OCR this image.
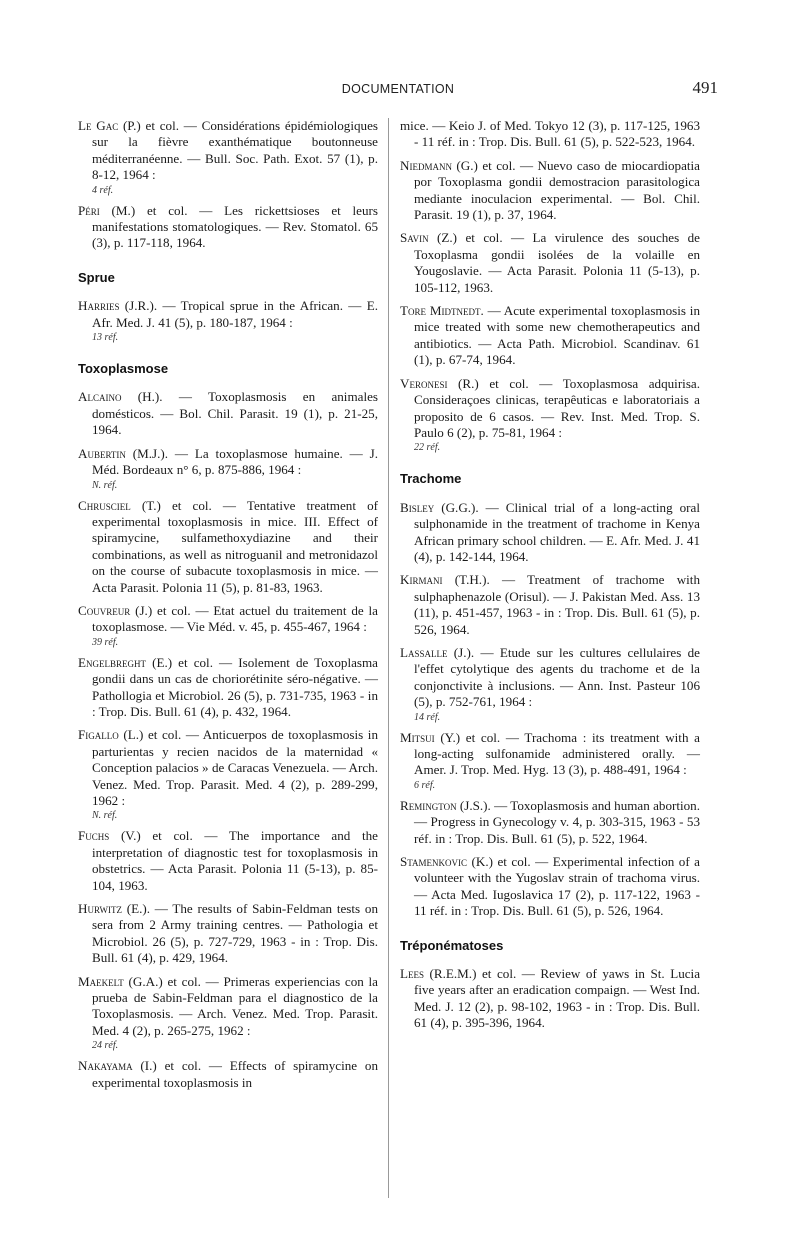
DOCUMENTATION	491

Le Gac (P.) et col. — Considérations épidémiologiques sur la fièvre exanthématique boutonneuse méditerranéenne. — Bull. Soc. Path. Exot. 57 (1), p. 8-12, 1964 :
4 réf.

Péri (M.) et col. — Les rickettsioses et leurs manifestations stomatologiques. — Rev. Stomatol. 65 (3), p. 117-118, 1964.

Sprue

Harries (J.R.). — Tropical sprue in the African. — E. Afr. Med. J. 41 (5), p. 180-187, 1964 :
13 réf.

Toxoplasmose

Alcaino (H.). — Toxoplasmosis en animales domésticos. — Bol. Chil. Parasit. 19 (1), p. 21-25, 1964.

Aubertin (M.J.). — La toxoplasmose humaine. — J. Méd. Bordeaux n° 6, p. 875-886, 1964 :
N. réf.

Chrusciel (T.) et col. — Tentative treatment of experimental toxoplasmosis in mice. III. Effect of spiramycine, sulfamethoxydiazine and their combinations, as well as nitroguanil and metronidazol on the course of subacute toxoplasmosis in mice. — Acta Parasit. Polonia 11 (5), p. 81-83, 1963.

Couvreur (J.) et col. — Etat actuel du traitement de la toxoplasmose. — Vie Méd. v. 45, p. 455-467, 1964 :
39 réf.

Engelbreght (E.) et col. — Isolement de Toxoplasma gondii dans un cas de choriorétinite séro-négative. — Pathollogia et Microbiol. 26 (5), p. 731-735, 1963 - in : Trop. Dis. Bull. 61 (4), p. 432, 1964.

Figallo (L.) et col. — Anticuerpos de toxoplasmosis in parturientas y recien nacidos de la maternidad « Conception palacios » de Caracas Venezuela. — Arch. Venez. Med. Trop. Parasit. Med. 4 (2), p. 289-299, 1962 :
N. réf.

Fuchs (V.) et col. — The importance and the interpretation of diagnostic test for toxoplasmosis in obstetrics. — Acta Parasit. Polonia 11 (5-13), p. 85-104, 1963.

Hurwitz (E.). — The results of Sabin-Feldman tests on sera from 2 Army training centres. — Pathologia et Microbiol. 26 (5), p. 727-729, 1963 - in : Trop. Dis. Bull. 61 (4), p. 429, 1964.

Maekelt (G.A.) et col. — Primeras experiencias con la prueba de Sabin-Feldman para el diagnostico de la Toxoplasmosis. — Arch. Venez. Med. Trop. Parasit. Med. 4 (2), p. 265-275, 1962 :
24 réf.

Nakayama (I.) et col. — Effects of spiramycine on experimental toxoplasmosis in

mice. — Keio J. of Med. Tokyo 12 (3), p. 117-125, 1963 - 11 réf. in : Trop. Dis. Bull. 61 (5), p. 522-523, 1964.

Niedmann (G.) et col. — Nuevo caso de miocardiopatia por Toxoplasma gondii demostracion parasitologica mediante inoculacion experimental. — Bol. Chil. Parasit. 19 (1), p. 37, 1964.

Savin (Z.) et col. — La virulence des souches de Toxoplasma gondii isolées de la volaille en Yougoslavie. — Acta Parasit. Polonia 11 (5-13), p. 105-112, 1963.

Tore Midtnedt. — Acute experimental toxoplasmosis in mice treated with some new chemotherapeutics and antibiotics. — Acta Path. Microbiol. Scandinav. 61 (1), p. 67-74, 1964.

Veronesi (R.) et col. — Toxoplasmosa adquirisa. Consideraçoes clinicas, terapêuticas e laboratoriais a proposito de 6 casos. — Rev. Inst. Med. Trop. S. Paulo 6 (2), p. 75-81, 1964 :
22 réf.

Trachome

Bisley (G.G.). — Clinical trial of a long-acting oral sulphonamide in the treatment of trachome in Kenya African primary school children. — E. Afr. Med. J. 41 (4), p. 142-144, 1964.

Kirmani (T.H.). — Treatment of trachome with sulphaphenazole (Orisul). — J. Pakistan Med. Ass. 13 (11), p. 451-457, 1963 - in : Trop. Dis. Bull. 61 (5), p. 526, 1964.

Lassalle (J.). — Etude sur les cultures cellulaires de l'effet cytolytique des agents du trachome et de la conjonctivite à inclusions. — Ann. Inst. Pasteur 106 (5), p. 752-761, 1964 :
14 réf.

Mitsui (Y.) et col. — Trachoma : its treatment with a long-acting sulfonamide administered orally. — Amer. J. Trop. Med. Hyg. 13 (3), p. 488-491, 1964 :
6 réf.

Remington (J.S.). — Toxoplasmosis and human abortion. — Progress in Gynecology v. 4, p. 303-315, 1963 - 53 réf. in : Trop. Dis. Bull. 61 (5), p. 522, 1964.

Stamenkovic (K.) et col. — Experimental infection of a volunteer with the Yugoslav strain of trachoma virus. — Acta Med. Iugoslavica 17 (2), p. 117-122, 1963 - 11 réf. in : Trop. Dis. Bull. 61 (5), p. 526, 1964.

Tréponématoses

Lees (R.E.M.) et col. — Review of yaws in St. Lucia five years after an eradication compaign. — West Ind. Med. J. 12 (2), p. 98-102, 1963 - in : Trop. Dis. Bull. 61 (4), p. 395-396, 1964.
